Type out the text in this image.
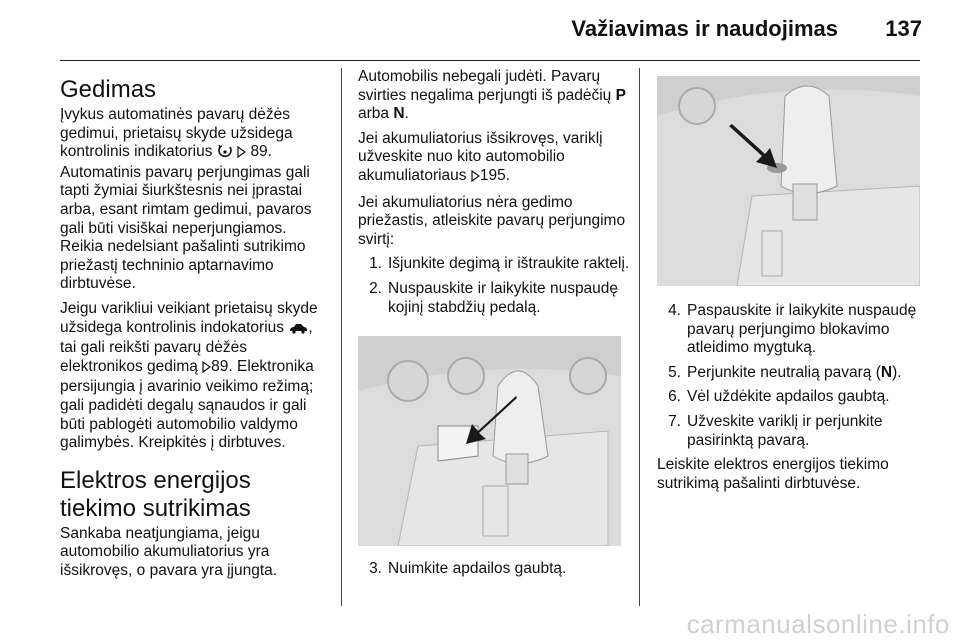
Važiavimas ir naudojimas 137
Gedimas

Įvykus automatinės pavarų dėžės gedimui, prietaisų skyde užsidega kontrolinis indikatorius 89. Automatinis pavarų perjungimas gali tapti žymiai šiurkštesnis nei įprastai arba, esant rimtam gedimui, pavaros gali būti visiškai neperjungiamos. Reikia nedelsiant pašalinti sutrikimo priežastį techninio aptarnavimo dirbtuvėse.

Jeigu varikliui veikiant prietaisų skyde užsidega kontrolinis indokatorius , tai gali reikšti pavarų dėžės elektronikos gedimą 89. Elektronika persijungia į avarinio veikimo režimą; gali padidėti degalų sąnaudos ir gali būti pablogėti automobilio valdymo galimybės. Kreipkitės į dirbtuves.

Elektros energijos tiekimo sutrikimas

Sankaba neatjungiama, jeigu automobilio akumuliatorius yra išsikrovęs, o pavara yra įjungta.

Automobilis nebegali judėti. Pavarų svirties negalima perjungti iš padėčių P arba N.

Jei akumuliatorius išsikrovęs, variklį užveskite nuo kito automobilio akumuliatoriaus 195.

Jei akumuliatorius nėra gedimo priežastis, atleiskite pavarų perjungimo svirtį:

1. Išjunkite degimą ir ištraukite raktelį.
2. Nuspauskite ir laikykite nuspaudę kojinį stabdžių pedalą.
3. Nuimkite apdailos gaubtą.
4. Paspauskite ir laikykite nuspaudę pavarų perjungimo blokavimo atleidimo mygtuką.
5. Perjunkite neutralią pavarą (N).
6. Vėl uždėkite apdailos gaubtą.
7. Užveskite variklį ir perjunkite pasirinktą pavarą.

Leiskite elektros energijos tiekimo sutrikimą pašalinti dirbtuvėse.

carmanualsonline.info
